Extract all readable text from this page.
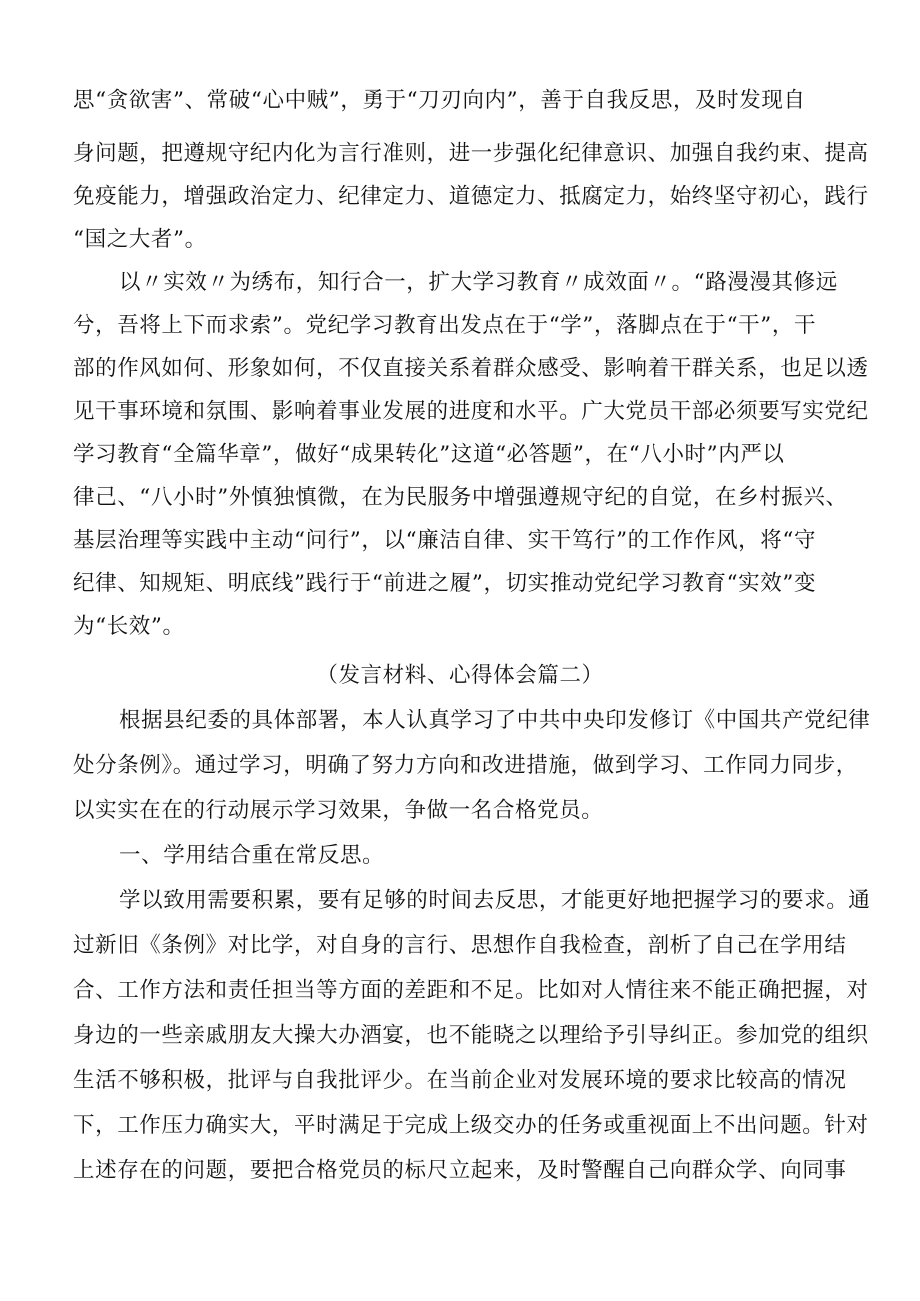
思“贪欲害”、常破“心中贼”，勇于“刀刃向内”，善于自我反思，及时发现自
身问题，把遵规守纪内化为言行准则，进一步强化纪律意识、加强自我约束、提高
免疫能力，增强政治定力、纪律定力、道德定力、抵腐定力，始终坚守初心，践行
“国之大者”。
以〃实效〃为绣布，知行合一，扩大学习教育〃成效面〃。“路漫漫其修远
兮，吾将上下而求索”。党纪学习教育出发点在于“学”，落脚点在于“干”，干
部的作风如何、形象如何，不仅直接关系着群众感受、影响着干群关系，也足以透
见干事环境和氛围、影响着事业发展的进度和水平。广大党员干部必须要写实党纪
学习教育“全篇华章”，做好“成果转化”这道“必答题”，在“八小时”内严以
律己、“八小时”外慎独慎微，在为民服务中增强遵规守纪的自觉，在乡村振兴、
基层治理等实践中主动“问行”，以“廉洁自律、实干笃行”的工作作风，将“守
纪律、知规矩、明底线”践行于“前进之履”，切实推动党纪学习教育“实效”变
为“长效”。
（发言材料、心得体会篇二）
根据县纪委的具体部署，本人认真学习了中共中央印发修订《中国共产党纪律
处分条例》。通过学习，明确了努力方向和改进措施，做到学习、工作同力同步，
以实实在在的行动展示学习效果，争做一名合格党员。
一、学用结合重在常反思。
学以致用需要积累，要有足够的时间去反思，才能更好地把握学习的要求。通
过新旧《条例》对比学，对自身的言行、思想作自我检查，剖析了自己在学用结
合、工作方法和责任担当等方面的差距和不足。比如对人情往来不能正确把握，对
身边的一些亲戚朋友大操大办酒宴，也不能晓之以理给予引导纠正。参加党的组织
生活不够积极，批评与自我批评少。在当前企业对发展环境的要求比较高的情况
下，工作压力确实大，平时满足于完成上级交办的任务或重视面上不出问题。针对
上述存在的问题，要把合格党员的标尺立起来，及时警醒自己向群众学、向同事
